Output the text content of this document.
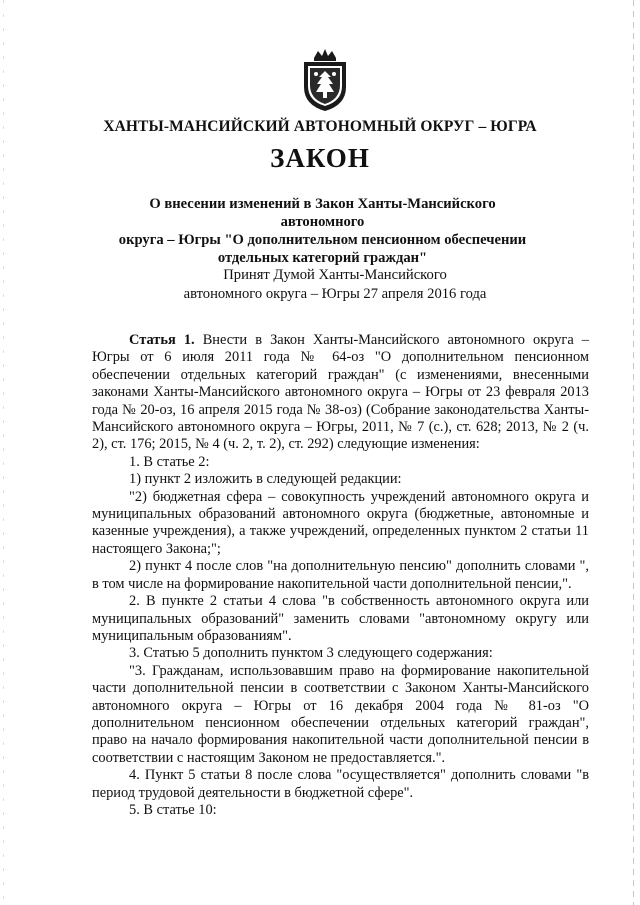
ХАНТЫ-МАНСИЙСКИЙ АВТОНОМНЫЙ ОКРУГ – ЮГРА
ЗАКОН
О внесении изменений в Закон Ханты-Мансийского автономного
округа – Югры "О дополнительном пенсионном обеспечении
отдельных категорий граждан"
Принят Думой Ханты-Мансийского
автономного округа – Югры 27 апреля 2016 года

Статья 1. Внести в Закон Ханты-Мансийского автономного округа – Югры от 6 июля 2011 года № 64-оз "О дополнительном пенсионном обеспечении отдельных категорий граждан" (с изменениями, внесенными законами Ханты-Мансийского автономного округа – Югры от 23 февраля 2013 года № 20-оз, 16 апреля 2015 года № 38-оз) (Собрание законодательства Ханты-Мансийского автономного округа – Югры, 2011, № 7 (с.), ст. 628; 2013, № 2 (ч. 2), ст. 176; 2015, № 4 (ч. 2, т. 2), ст. 292) следующие изменения:

1. В статье 2:

1) пункт 2 изложить в следующей редакции:

"2) бюджетная сфера – совокупность учреждений автономного округа и муниципальных образований автономного округа (бюджетные, автономные и казенные учреждения), а также учреждений, определенных пунктом 2 статьи 11 настоящего Закона;";

2) пункт 4 после слов "на дополнительную пенсию" дополнить словами ", в том числе на формирование накопительной части дополнительной пенсии,".

2. В пункте 2 статьи 4 слова "в собственность автономного округа или муниципальных образований" заменить словами "автономному округу или муниципальным образованиям".

3. Статью 5 дополнить пунктом 3 следующего содержания:

"3. Гражданам, использовавшим право на формирование накопительной части дополнительной пенсии в соответствии с Законом Ханты-Мансийского автономного округа – Югры от 16 декабря 2004 года № 81-оз "О дополнительном пенсионном обеспечении отдельных категорий граждан", право на начало формирования накопительной части дополнительной пенсии в соответствии с настоящим Законом не предоставляется.".

4. Пункт 5 статьи 8 после слова "осуществляется" дополнить словами "в период трудовой деятельности в бюджетной сфере".

5. В статье 10:
